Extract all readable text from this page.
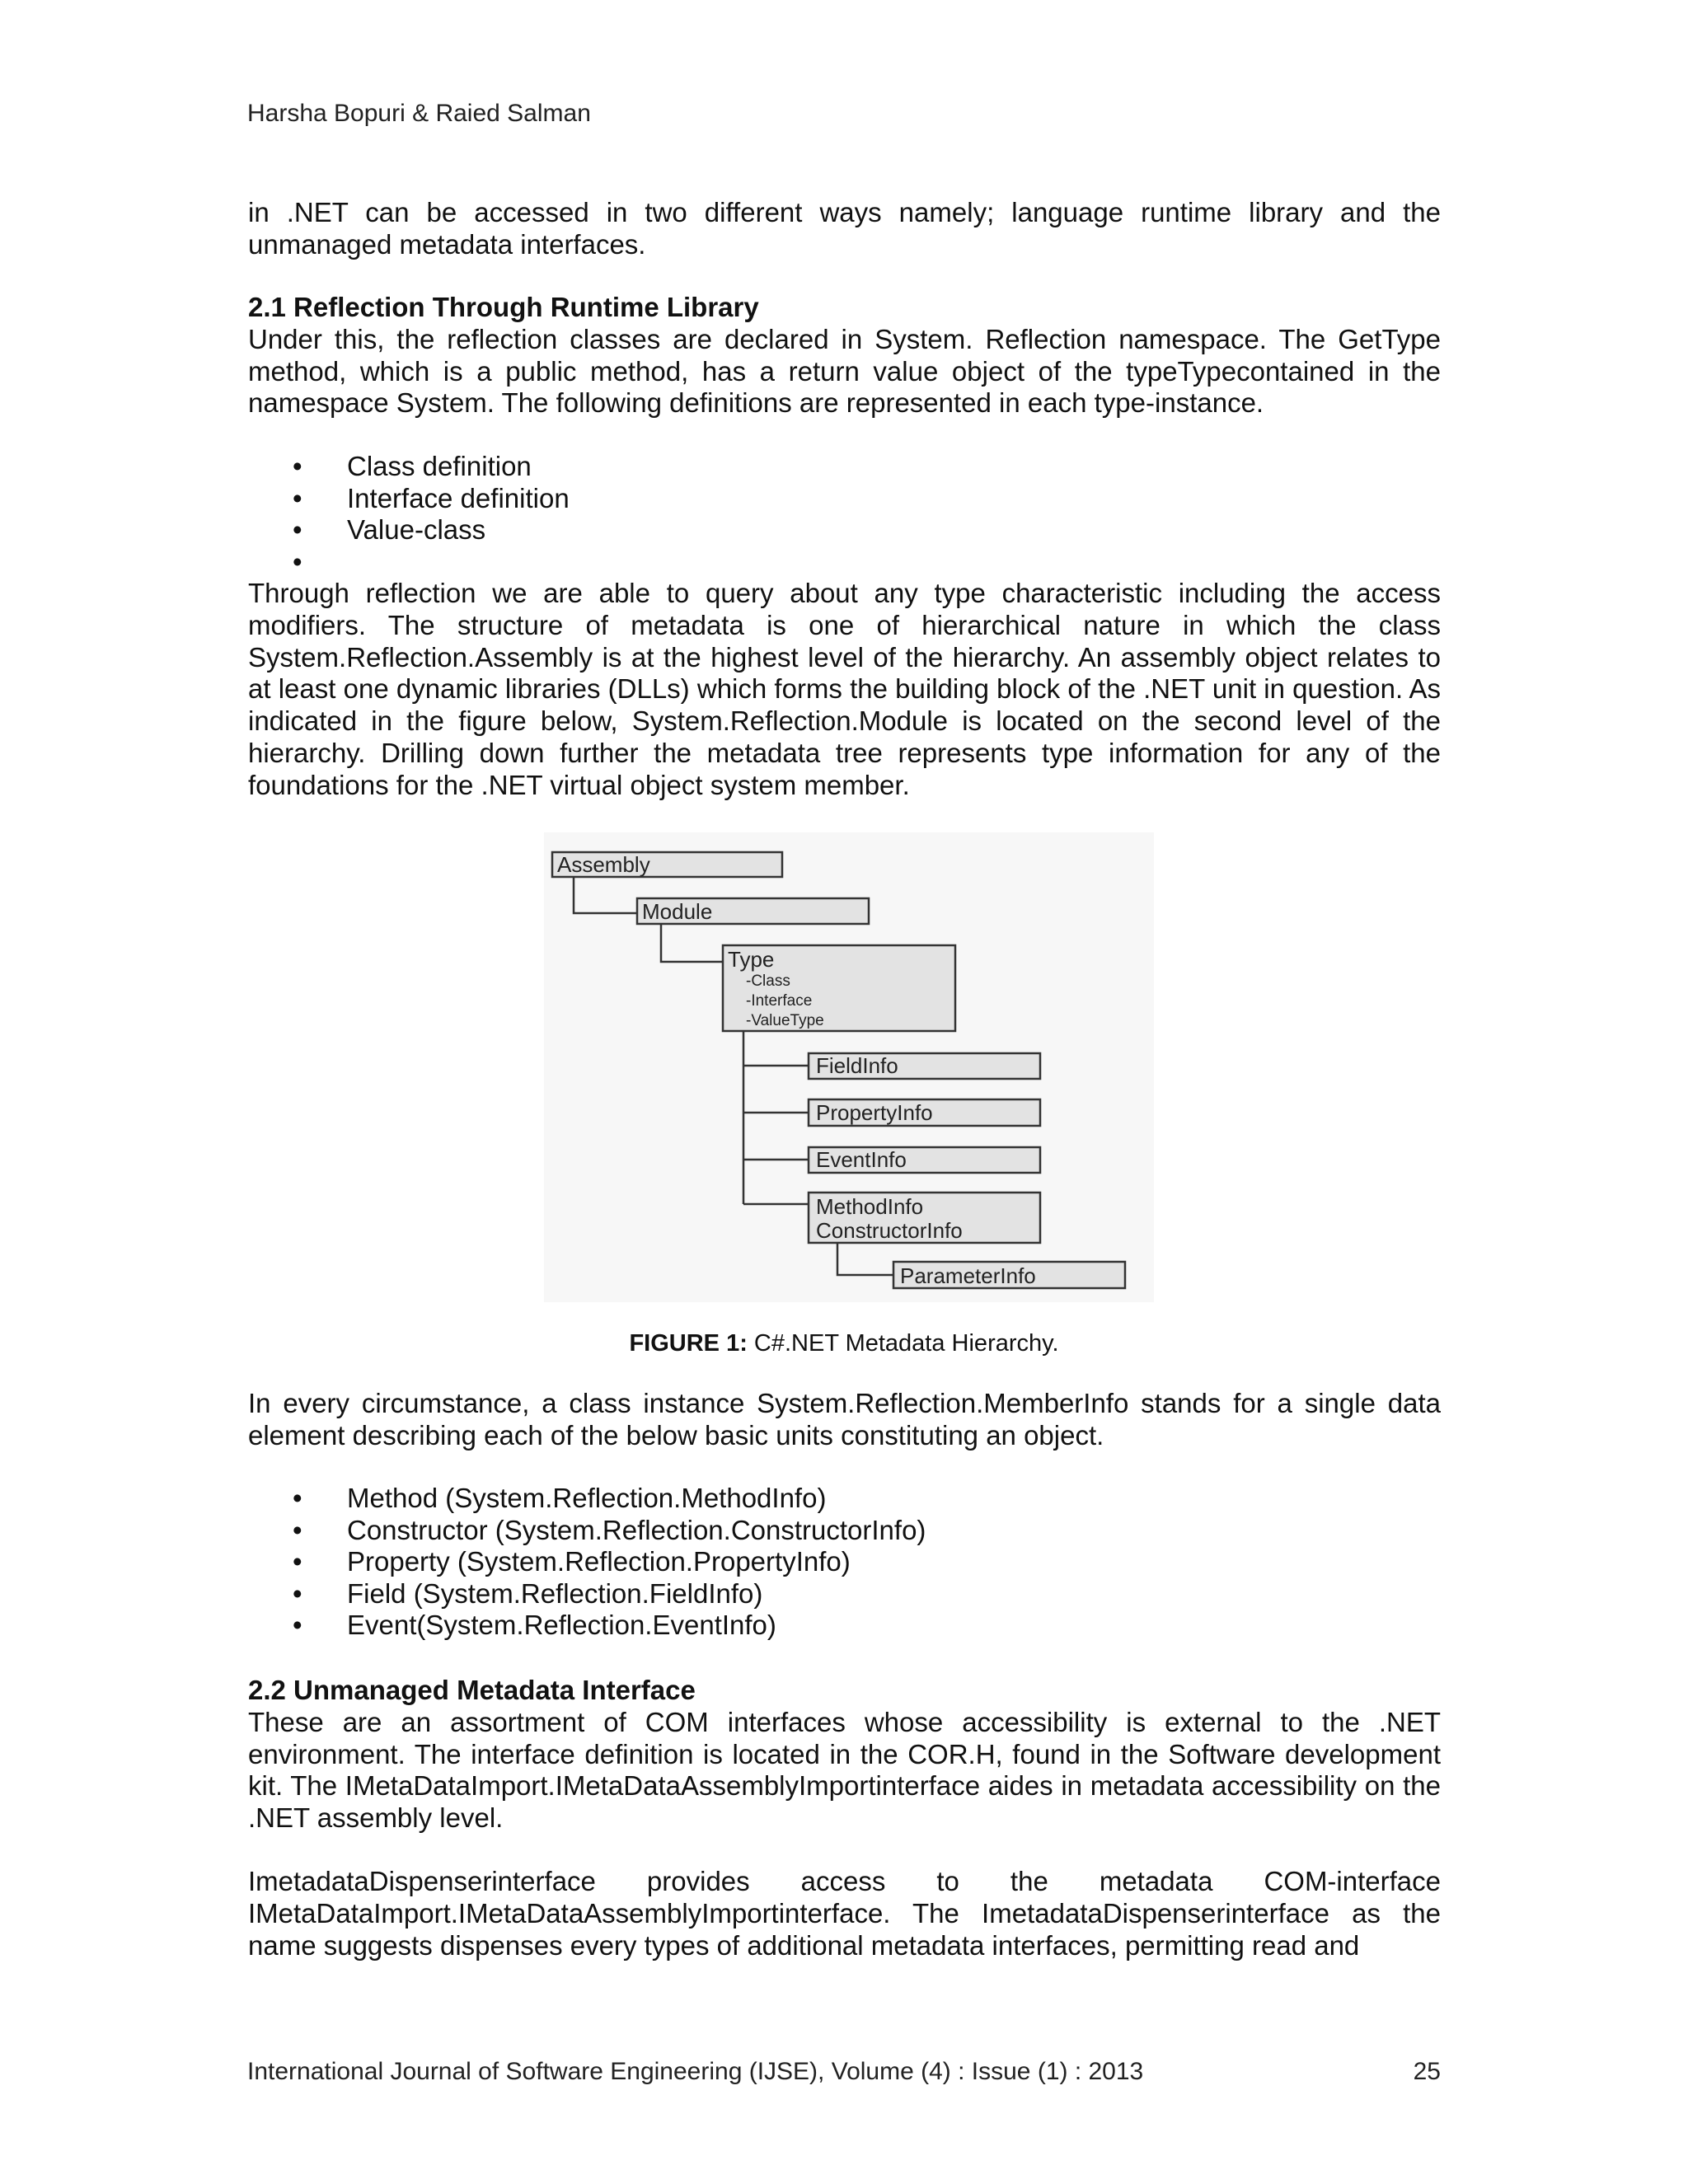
Harsha Bopuri & Raied Salman

in .NET can be accessed in two different ways namely; language runtime library and the unmanaged metadata interfaces.

2.1 Reflection Through Runtime Library

Under this, the reflection classes are declared in System. Reflection namespace. The GetType method, which is a public method, has a return value object of the typeTypecontained in the namespace System. The following definitions are represented in each type-instance.

• Class definition
• Interface definition
• Value-class
•

Through reflection we are able to query about any type characteristic including the access modifiers. The structure of metadata is one of hierarchical nature in which the class System.Reflection.Assembly is at the highest level of the hierarchy. An assembly object relates to at least one dynamic libraries (DLLs) which forms the building block of the .NET unit in question. As indicated in the figure below, System.Reflection.Module is located on the second level of the hierarchy. Drilling down further the metadata tree represents type information for any of the foundations for the .NET virtual object system member.

Assembly
Module
Type
-Class
-Interface
-ValueType
FieldInfo
PropertyInfo
EventInfo
MethodInfo
ConstructorInfo
ParameterInfo
FIGURE 1: C#.NET Metadata Hierarchy.

In every circumstance, a class instance System.Reflection.MemberInfo stands for a single data element describing each of the below basic units constituting an object.

• Method (System.Reflection.MethodInfo)
• Constructor (System.Reflection.ConstructorInfo)
• Property (System.Reflection.PropertyInfo)
• Field (System.Reflection.FieldInfo)
• Event(System.Reflection.EventInfo)
2.2 Unmanaged Metadata Interface

These are an assortment of COM interfaces whose accessibility is external to the .NET environment. The interface definition is located in the COR.H, found in the Software development kit. The IMetaDataImport.IMetaDataAssemblyImportinterface aides in metadata accessibility on the .NET assembly level.

ImetadataDispenserinterface provides access to the metadata COM-interface IMetaDataImport.IMetaDataAssemblyImportinterface. The ImetadataDispenserinterface as the name suggests dispenses every types of additional metadata interfaces, permitting read and

International Journal of Software Engineering (IJSE), Volume (4) : Issue (1) : 2013	25
